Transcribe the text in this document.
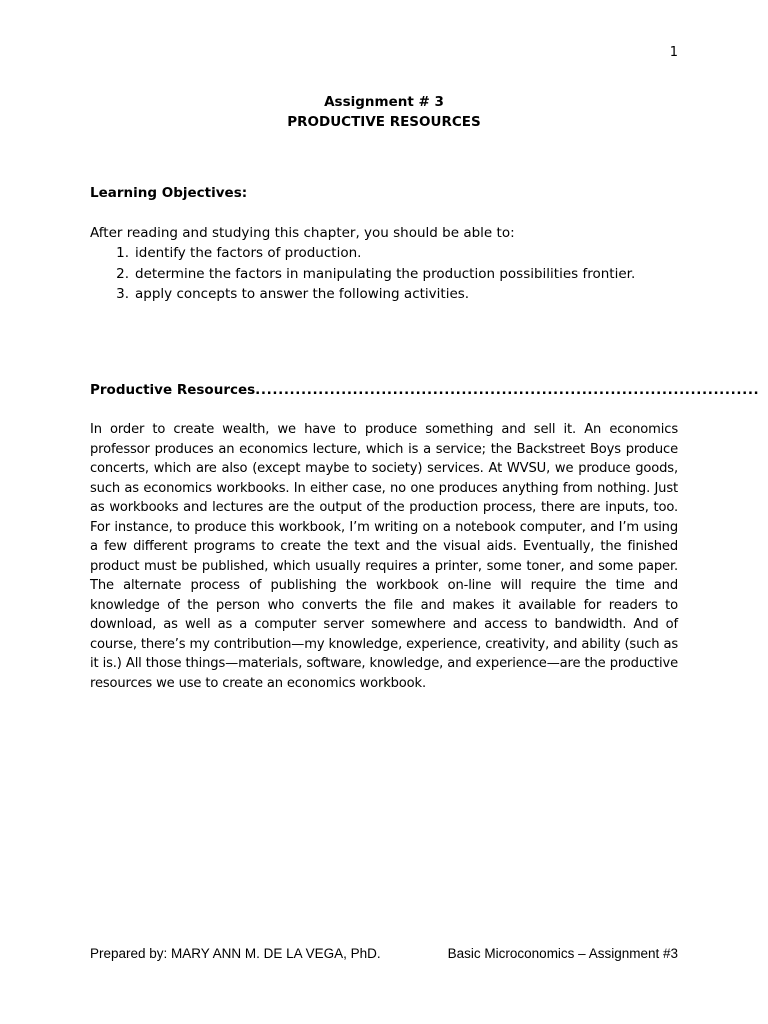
1
Assignment # 3
PRODUCTIVE RESOURCES
Learning Objectives:
After reading and studying this chapter, you should be able to:
1. identify the factors of production.
2. determine the factors in manipulating the production possibilities frontier.
3. apply concepts to answer the following activities.
Productive Resources........................................................................................

In order to create wealth, we have to produce something and sell it. An economics professor produces an economics lecture, which is a service; the Backstreet Boys produce concerts, which are also (except maybe to society) services. At WVSU, we produce goods, such as economics workbooks. In either case, no one produces anything from nothing. Just as workbooks and lectures are the output of the production process, there are inputs, too. For instance, to produce this workbook, I’m writing on a notebook computer, and I’m using a few different programs to create the text and the visual aids. Eventually, the finished product must be published, which usually requires a printer, some toner, and some paper. The alternate process of publishing the workbook on-line will require the time and knowledge of the person who converts the file and makes it available for readers to download, as well as a computer server somewhere and access to bandwidth. And of course, there’s my contribution—my knowledge, experience, creativity, and ability (such as it is.) All those things—materials, software, knowledge, and experience—are the productive resources we use to create an economics workbook.

Prepared by: MARY ANN M. DE LA VEGA, PhD.	Basic Microconomics – Assignment #3
